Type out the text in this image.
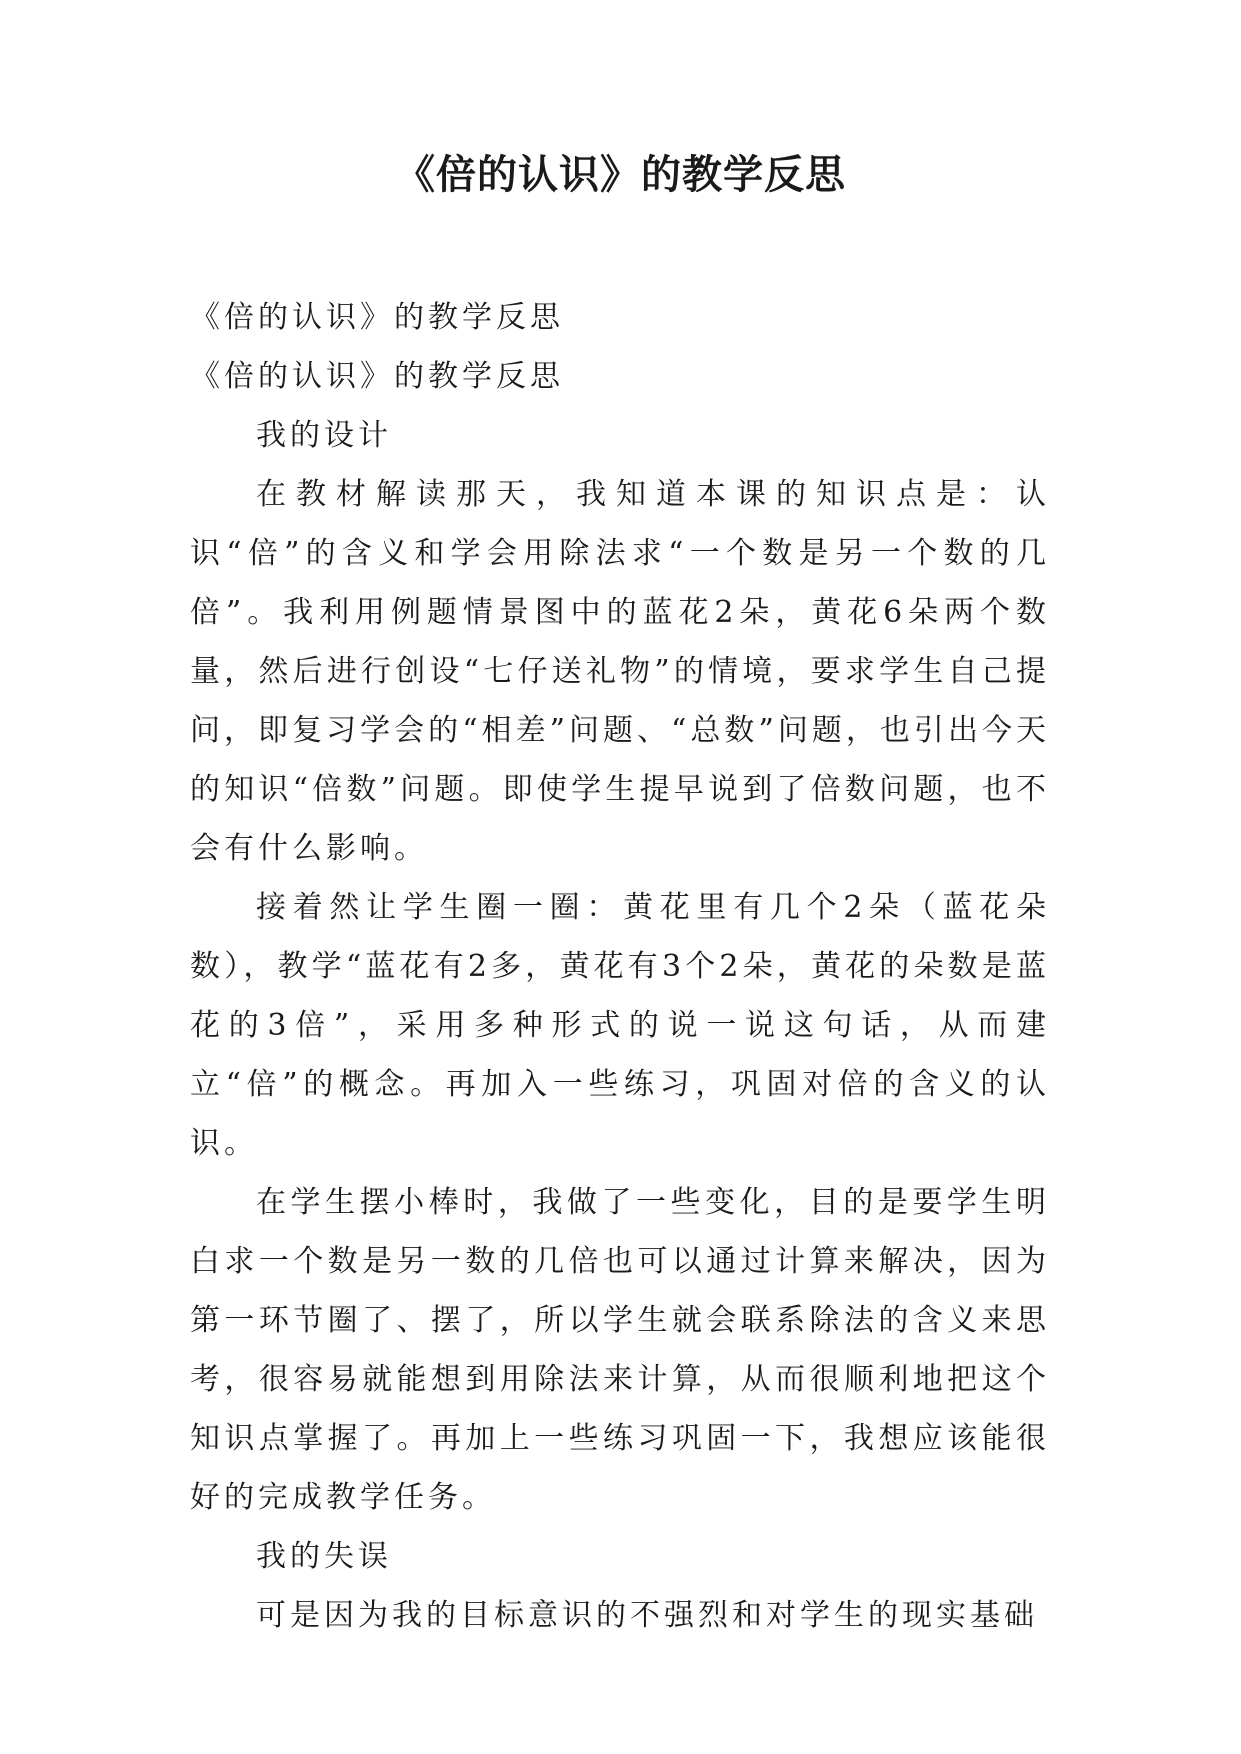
《倍的认识》的教学反思

《倍的认识》的教学反思

《倍的认识》的教学反思

我的设计

在教材解读那天，我知道本课的知识点是：认识“倍”的含义和学会用除法求“一个数是另一个数的几倍”。我利用例题情景图中的蓝花2朵，黄花6朵两个数量，然后进行创设“七仔送礼物”的情境，要求学生自己提问，即复习学会的“相差”问题、“总数”问题，也引出今天的知识“倍数”问题。即使学生提早说到了倍数问题，也不会有什么影响。

接着然让学生圈一圈：黄花里有几个2朵（蓝花朵数），教学“蓝花有2多，黄花有3个2朵，黄花的朵数是蓝花的3倍”，采用多种形式的说一说这句话，从而建立“倍”的概念。再加入一些练习，巩固对倍的含义的认识。

在学生摆小棒时，我做了一些变化，目的是要学生明白求一个数是另一数的几倍也可以通过计算来解决，因为第一环节圈了、摆了，所以学生就会联系除法的含义来思考，很容易就能想到用除法来计算，从而很顺利地把这个知识点掌握了。再加上一些练习巩固一下，我想应该能很好的完成教学任务。

我的失误

可是因为我的目标意识的不强烈和对学生的现实基础
